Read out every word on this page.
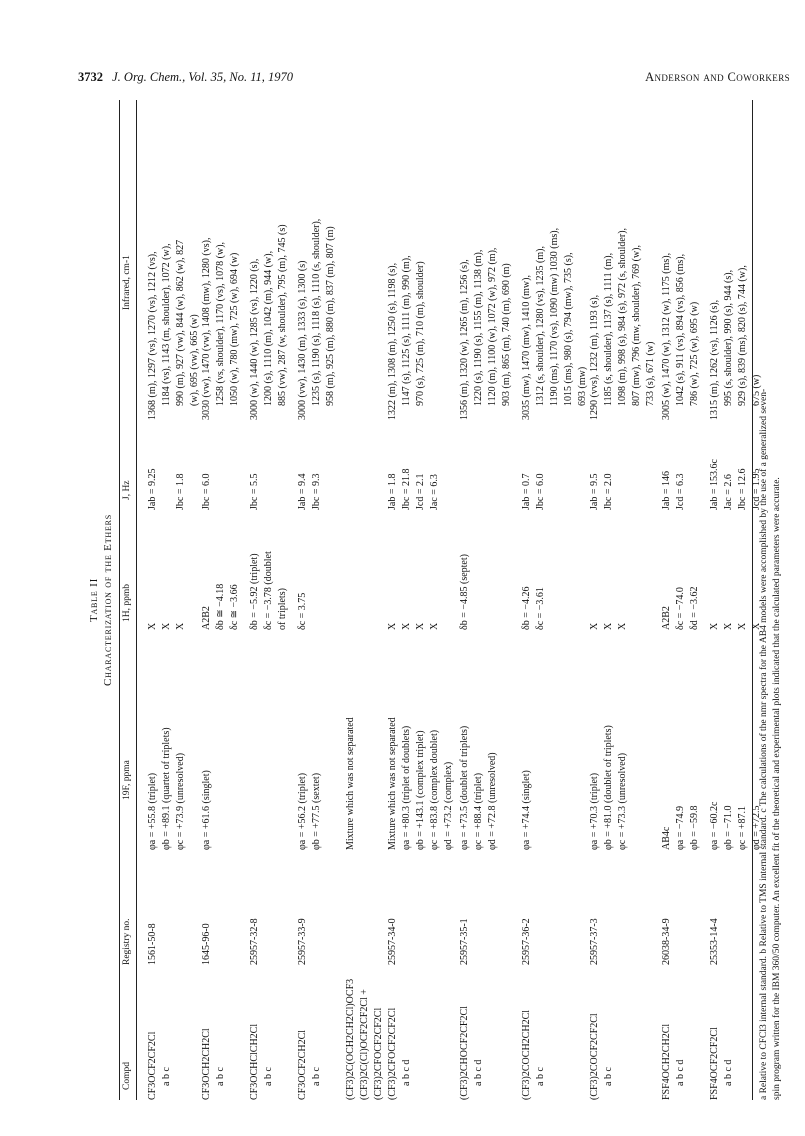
3732 J. Org. Chem., Vol. 35, No. 11, 1970	Anderson and Coworkers
Table II Characterization of the Ethers
Compd
Registry no.
19F, ppma
1H, ppmb
J, Hz
Infrared, cm-1
CF3OCF2CF2Cl a b c
1561-50-8
φa = +55.8 (triplet) φb = +89.1 (quartet of triplets) φc = +73.9 (unresolved)
X X X
Jab = 9.25 Jbc = 1.8
1368 (m), 1297 (vs), 1270 (vs), 1212 (vs), 1184 (vs), 1143 (m, shoulder), 1072 (w), 990 (m), 927 (vw), 844 (w), 862 (w), 827 (w), 695 (vw), 665 (w)
CF3OCH2CH2Cl a b c
1645-96-0
φa = +61.6 (singlet)
A2B2 δb ≅ −4.18 δc ≅ −3.66
Jbc = 6.0
3030 (vw), 1470 (vw), 1408 (mw), 1280 (vs), 1258 (vs, shoulder), 1170 (vs), 1078 (w), 1050 (w), 780 (mw), 725 (w), 694 (w)
CF3OCHClCH2Cl a b c
25957-32-8
δb = −5.92 (triplet) δc = −3.78 (doublet of triplets)
Jbc = 5.5
3000 (w), 1440 (w), 1285 (vs), 1220 (s), 1200 (s), 1110 (m), 1042 (m), 944 (w), 885 (vw), 287 (w, shoulder), 795 (m), 745 (s)
CF3OCF2CH2Cl a b c
25957-33-9
φa = +56.2 (triplet) φb = +77.5 (sextet)
δc = 3.75
Jab = 9.4 Jbc = 9.3
3000 (vw), 1430 (m), 1333 (s), 1300 (s) 1235 (s), 1190 (s), 1118 (s), 1110 (s, shoulder), 958 (m), 925 (m), 880 (m), 837 (m), 807 (m)
(CF3)2C(OCH2CH2Cl)OCF3 (CF3)2C(Cl)OCF2CF2Cl + (CF3)2CFOCF2CF2Cl
Mixture which was not separated
(CF3)2CFOCF2CF2Cl a b c d
25957-34-0
Mixture which was not separated φa = +80.3 (triplet of doublets) φb = +143.1 (complex triplet) φc = +83.8 (complex doublet) φd = +73.2 (complex)
X X X X
Jab = 1.8 Jbc = 21.8 Jcd = 2.1 Jac = 6.3
1322 (m), 1308 (m), 1250 (s), 1198 (s), 1147 (s), 1125 (s), 1111 (m), 990 (m), 970 (s), 725 (m), 710 (m), shoulder)
(CF3)2CHOCF2CF2Cl a b c d
25957-35-1
φa = +73.5 (doublet of triplets) φc = +88.4 (triplet) φd = +72.8 (unresolved)
δb = −4.85 (septet)
1356 (m), 1320 (w), 1265 (m), 1256 (s), 1220 (s), 1190 (s), 1155 (m), 1138 (m), 1120 (m), 1100 (w), 1072 (w), 972 (m), 903 (m), 865 (m), 740 (m), 690 (m)
(CF3)2COCH2CH2Cl a b c
25957-36-2
φa = +74.4 (singlet)
δb = −4.26 δc = −3.61
Jab = 0.7 Jbc = 6.0
3035 (mw), 1470 (mw), 1410 (mw), 1312 (s, shoulder), 1280 (vs), 1235 (m), 1190 (ms), 1170 (vs), 1090 (mw) 1030 (ms), 1015 (ms), 980 (s), 794 (mw), 735 (s), 693 (mw)
(CF3)2COCF2CF2Cl a b c
25957-37-3
φa = +70.3 (triplet) φb = +81.0 (doublet of triplets) φc = +73.3 (unresolved)
X X X
Jab = 9.5 Jbc = 2.0
1290 (vvs), 1232 (m), 1193 (s), 1185 (s, shoulder), 1137 (s), 1111 (m), 1098 (m), 998 (s), 984 (s), 972 (s, shoulder), 807 (mw), 796 (mw, shoulder), 769 (w), 733 (s), 671 (w)
FSF4OCH2CH2Cl a b c d
26038-34-9
AB4c φa = −74.9 φb = −59.8
A2B2 δc = −74.0 δd = −3.62
Jab = 146 Jcd = 6.3
3005 (w), 1470 (w), 1312 (w), 1175 (ms), 1042 (s), 911 (vs), 894 (vs), 856 (ms), 786 (w), 725 (w), 695 (w)
FSF4OCF2CF2Cl a b c d
25353-14-4
φa = −60.2c φb = −71.0 φc = +87.1 φd = +72.5
X X X X
Jab = 153.6c Jac = 2.6 Jbc = 12.6 Jcd = 1.95
1315 (m), 1262 (vs), 1126 (s), 995 (s, shoulder), 990 (s), 944 (s), 929 (s), 839 (ms), 820 (s), 744 (w), 675 (w)
a Relative to CFCl3 internal standard. b Relative to TMS internal standard. c The calculations of the nmr spectra for the AB4 models were accomplished by the use of a generalized seven- spin program written for the IBM 360/50 computer. An excellent fit of the theoretical and experimental plots indicated that the calculated parameters were accurate.
